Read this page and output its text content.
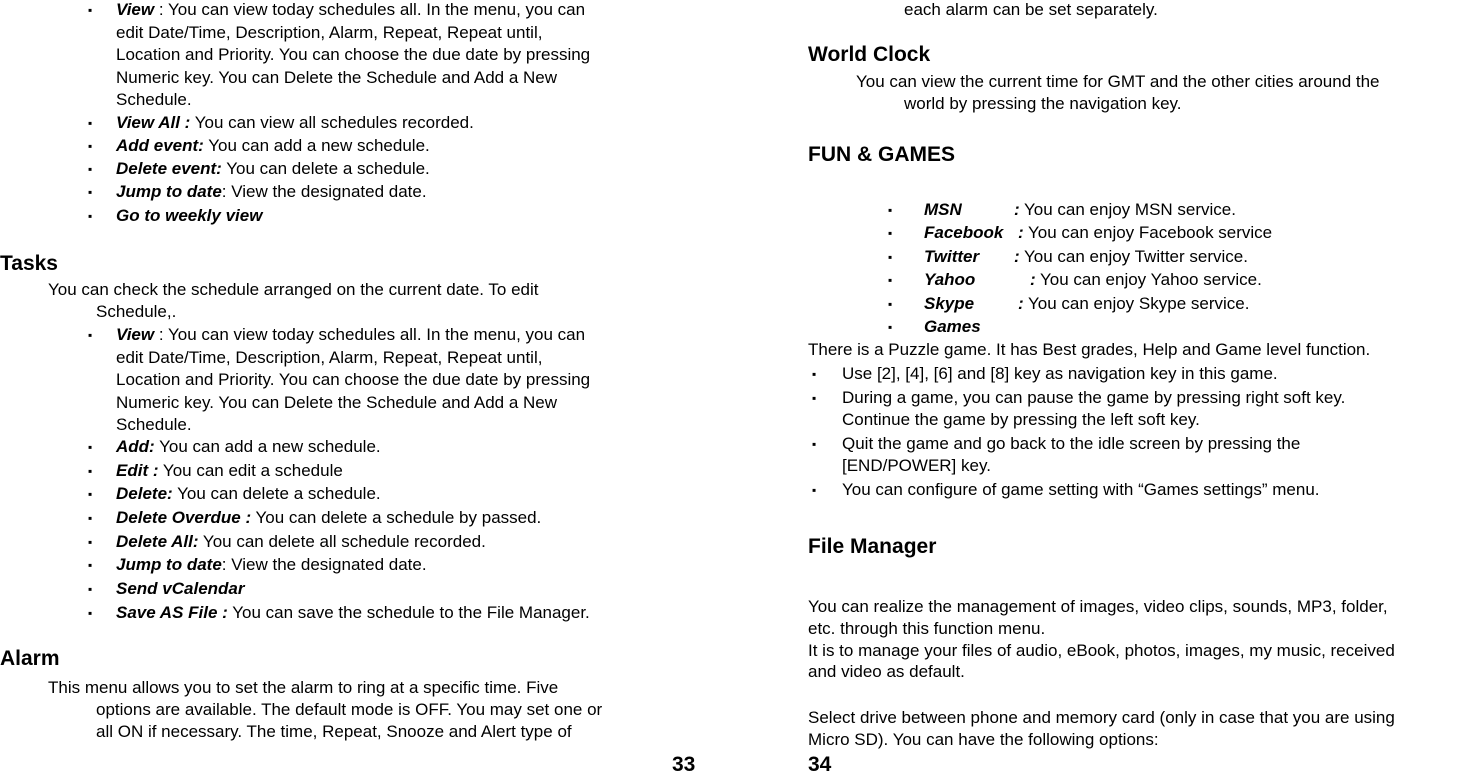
▪	View : You can view today schedules all. In the menu, you can
edit Date/Time, Description, Alarm, Repeat, Repeat until,
Location and Priority. You can choose the due date by pressing
Numeric key. You can Delete the Schedule and Add a New
Schedule.
▪	View All : You can view all schedules recorded.
▪	Add event: You can add a new schedule.
▪	Delete event: You can delete a schedule.
▪	Jump to date: View the designated date.
▪	Go to weekly view
Tasks
You can check the schedule arranged on the current date. To edit
Schedule,.
▪	View : You can view today schedules all. In the menu, you can
edit Date/Time, Description, Alarm, Repeat, Repeat until,
Location and Priority. You can choose the due date by pressing
Numeric key. You can Delete the Schedule and Add a New
Schedule.
▪	Add: You can add a new schedule.
▪	Edit : You can edit a schedule
▪	Delete: You can delete a schedule.
▪	Delete Overdue : You can delete a schedule by passed.
▪	Delete All: You can delete all schedule recorded.
▪	Jump to date: View the designated date.
▪	Send vCalendar
▪	Save AS File : You can save the schedule to the File Manager.
Alarm
This menu allows you to set the alarm to ring at a specific time. Five
options are available. The default mode is OFF. You may set one or
all ON if necessary. The time, Repeat, Snooze and Alert type of
33
each alarm can be set separately.
World Clock
You can view the current time for GMT and the other cities around the
world by pressing the navigation key.
FUN & GAMES
▪	MSN	: You can enjoy MSN service.
▪	Facebook : You can enjoy Facebook service
▪	Twitter : You can enjoy Twitter service.
▪	Yahoo	: You can enjoy Yahoo service.
▪	Skype	: You can enjoy Skype service.
▪	Games
There is a Puzzle game. It has Best grades, Help and Game level function.
▪	Use [2], [4], [6] and [8] key as navigation key in this game.
▪	During a game, you can pause the game by pressing right soft key.
Continue the game by pressing the left soft key.
▪	Quit the game and go back to the idle screen by pressing the
[END/POWER] key.
▪	You can configure of game setting with “Games settings” menu.
File Manager
You can realize the management of images, video clips, sounds, MP3, folder,
etc. through this function menu.
It is to manage your files of audio, eBook, photos, images, my music, received
and video as default.
Select drive between phone and memory card (only in case that you are using
Micro SD). You can have the following options:
34
